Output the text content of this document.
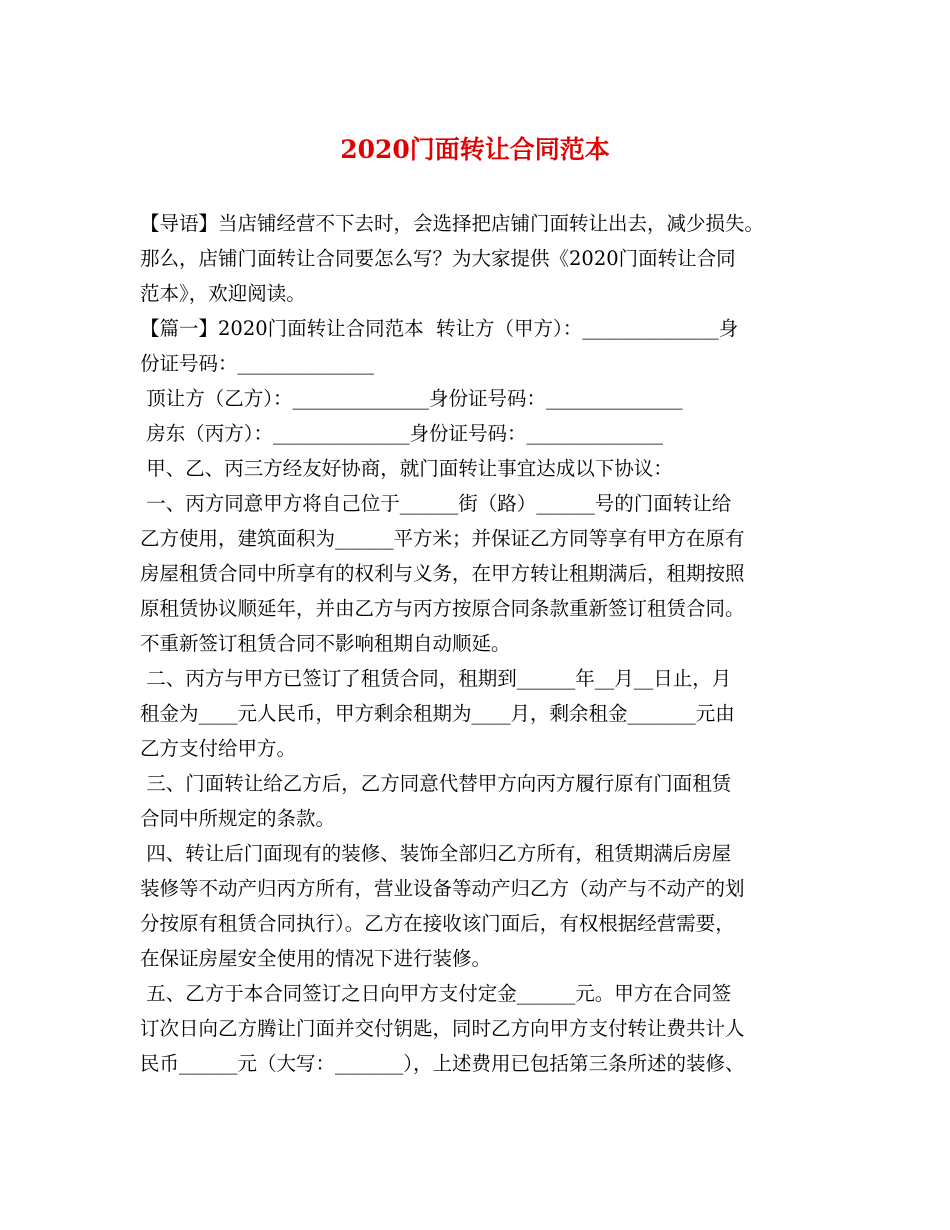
2020门面转让合同范本
【导语】当店铺经营不下去时，会选择把店铺门面转让出去，减少损失。
那么，店铺门面转让合同要怎么写？为大家提供《2020门面转让合同
范本》，欢迎阅读。
【篇一】2020门面转让合同范本  转让方（甲方）：______________身
份证号码：______________
顶让方（乙方）：______________身份证号码：______________
房东（丙方）：______________身份证号码：______________
甲、乙、丙三方经友好协商，就门面转让事宜达成以下协议：
一、丙方同意甲方将自己位于______街（路）______号的门面转让给
乙方使用，建筑面积为______平方米；并保证乙方同等享有甲方在原有
房屋租赁合同中所享有的权利与义务，在甲方转让租期满后，租期按照
原租赁协议顺延年，并由乙方与丙方按原合同条款重新签订租赁合同。
不重新签订租赁合同不影响租期自动顺延。
二、丙方与甲方已签订了租赁合同，租期到______年__月__日止，月
租金为____元人民币，甲方剩余租期为____月，剩余租金_______元由
乙方支付给甲方。
三、门面转让给乙方后，乙方同意代替甲方向丙方履行原有门面租赁
合同中所规定的条款。
四、转让后门面现有的装修、装饰全部归乙方所有，租赁期满后房屋
装修等不动产归丙方所有，营业设备等动产归乙方（动产与不动产的划
分按原有租赁合同执行）。乙方在接收该门面后，有权根据经营需要，
在保证房屋安全使用的情况下进行装修。
五、乙方于本合同签订之日向甲方支付定金______元。甲方在合同签
订次日向乙方腾让门面并交付钥匙，同时乙方向甲方支付转让费共计人
民币______元（大写：_______），上述费用已包括第三条所述的装修、
